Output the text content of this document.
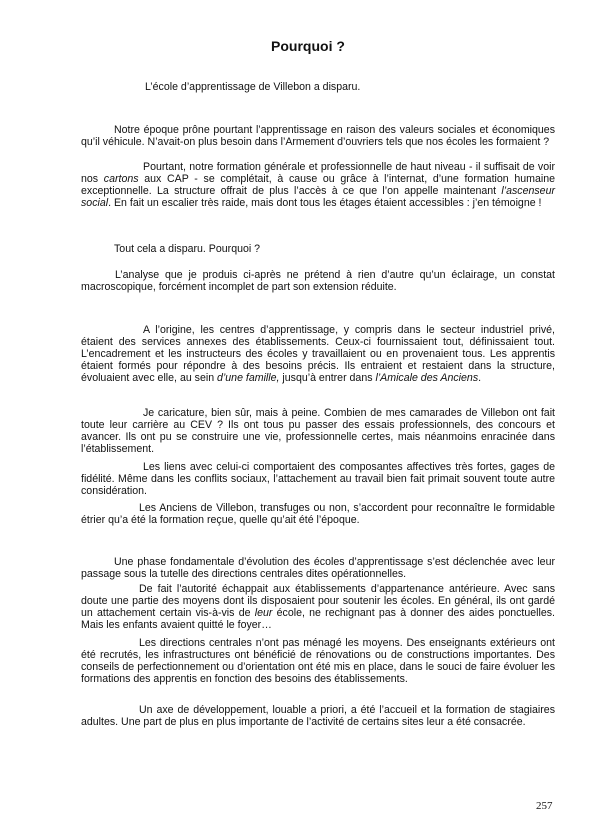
Pourquoi ?

L’école d’apprentissage de Villebon a disparu.

Notre époque prône pourtant l’apprentissage en raison des valeurs sociales et économiques qu’il véhicule. N’avait-on plus besoin dans l’Armement d’ouvriers tels que nos écoles les formaient ?

Pourtant, notre formation générale et professionnelle de haut niveau - il suffisait de voir nos cartons aux CAP - se complétait, à cause ou grâce à l’internat, d’une formation humaine exceptionnelle. La structure offrait de plus l’accès à ce que l’on appelle maintenant l’ascenseur social. En fait un escalier très raide, mais dont tous les étages étaient accessibles : j’en témoigne !

Tout cela a disparu. Pourquoi ?

L’analyse que je produis ci-après ne prétend à rien d’autre qu’un éclairage, un constat macroscopique, forcément incomplet de part son extension réduite.

A l’origine, les centres d’apprentissage, y compris dans le secteur industriel privé, étaient des services annexes des établissements. Ceux-ci fournissaient tout, définissaient tout. L’encadrement et les instructeurs des écoles y travaillaient ou en provenaient tous. Les apprentis étaient formés pour répondre à des besoins précis. Ils entraient et restaient dans la structure, évoluaient avec elle, au sein d’une famille, jusqu’à entrer dans l’Amicale des Anciens.

Je caricature, bien sûr, mais à peine. Combien de mes camarades de Villebon ont fait toute leur carrière au CEV ? Ils ont tous pu passer des essais professionnels, des concours et avancer. Ils ont pu se construire une vie, professionnelle certes, mais néanmoins enracinée dans l’établissement.

Les liens avec celui-ci comportaient des composantes affectives très fortes, gages de fidélité. Même dans les conflits sociaux, l’attachement au travail bien fait primait souvent toute autre considération.

Les Anciens de Villebon, transfuges ou non, s’accordent pour reconnaître le formidable étrier qu’a été la formation reçue, quelle qu’ait été l’époque.

Une phase fondamentale d’évolution des écoles d’apprentissage s’est déclenchée avec leur passage sous la tutelle des directions centrales dites opérationnelles.

De fait l’autorité échappait aux établissements d’appartenance antérieure. Avec sans doute une partie des moyens dont ils disposaient pour soutenir les écoles. En général, ils ont gardé un attachement certain vis-à-vis de leur école, ne rechignant pas à donner des aides ponctuelles. Mais les enfants avaient quitté le foyer…

Les directions centrales n’ont pas ménagé les moyens. Des enseignants extérieurs ont été recrutés, les infrastructures ont bénéficié de rénovations ou de constructions importantes. Des conseils de perfectionnement ou d’orientation ont été mis en place, dans le souci de faire évoluer les formations des apprentis en fonction des besoins des établissements.

Un axe de développement, louable a priori, a été l’accueil et la formation de stagiaires adultes. Une part de plus en plus importante de l’activité de certains sites leur a été consacrée.

257
